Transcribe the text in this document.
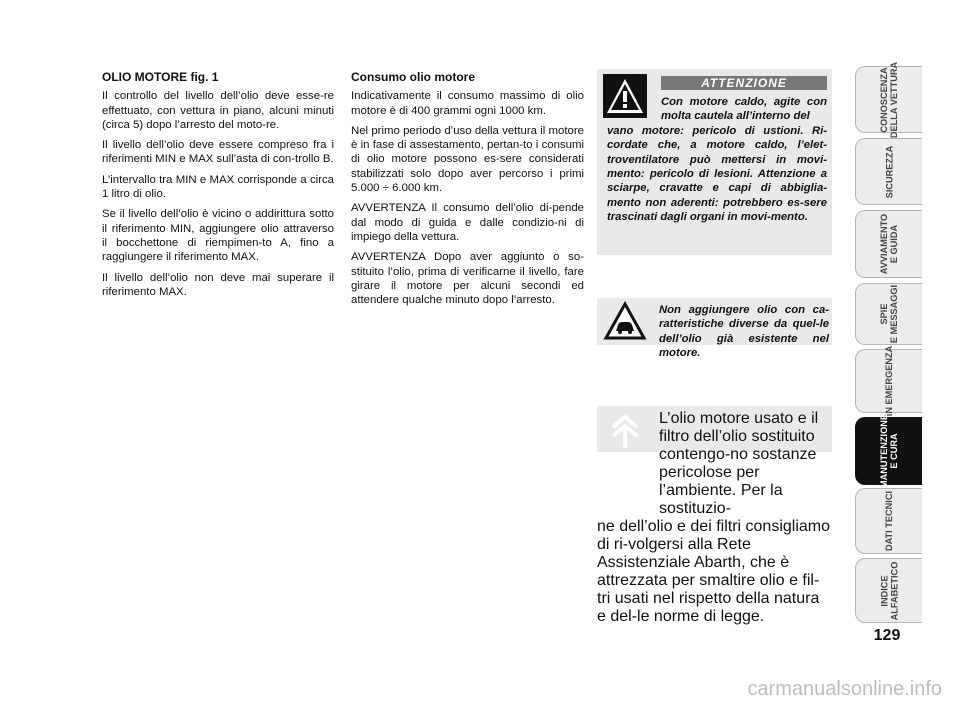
OLIO MOTORE fig. 1

Il controllo del livello dell’olio deve esse-re effettuato, con vettura in piano, alcuni minuti (circa 5) dopo l’arresto del moto-re.

Il livello dell’olio deve essere compreso fra i riferimenti MIN e MAX sull’asta di con-trollo B.

L’intervallo tra MIN e MAX corrisponde a circa 1 litro di olio.

Se il livello dell’olio è vicino o addirittura sotto il riferimento MIN, aggiungere olio attraverso il bocchettone di riempimen-to A, fino a raggiungere il riferimento MAX.

Il livello dell’olio non deve mai superare il riferimento MAX.

Consumo olio motore

Indicativamente il consumo massimo di olio motore è di 400 grammi ogni 1000 km.

Nel primo periodo d’uso della vettura il motore è in fase di assestamento, pertan-to i consumi di olio motore possono es-sere considerati stabilizzati solo dopo aver percorso i primi 5.000 ÷ 6.000 km.

AVVERTENZA Il consumo dell’olio di-pende dal modo di guida e dalle condizio-ni di impiego della vettura.

AVVERTENZA Dopo aver aggiunto o so-stituito l’olio, prima di verificarne il livello, fare girare il motore per alcuni secondi ed attendere qualche minuto dopo l’arresto.

ATTENZIONE
Con motore caldo, agite con molta cautela all’interno del
vano motore: pericolo di ustioni. Ri-cordate che, a motore caldo, l’elet-troventilatore può mettersi in movi-mento: pericolo di lesioni. Attenzione a sciarpe, cravatte e capi di abbiglia-mento non aderenti: potrebbero es-sere trascinati dagli organi in movi-mento.
Non aggiungere olio con ca-ratteristiche diverse da quel-le dell’olio già esistente nel motore.
L’olio motore usato e il filtro dell’olio sostituito contengo-no sostanze pericolose per l’ambiente. Per la sostituzio-
ne dell’olio e dei filtri consigliamo di ri-volgersi alla Rete Assistenziale Abarth, che è attrezzata per smaltire olio e fil-tri usati nel rispetto della natura e del-le norme di legge.
CONOSCENZA
DELLA VETTURA
SICUREZZA
AVVIAMENTO
E GUIDA
SPIE
E MESSAGGI
IN EMERGENZA
MANUTENZIONE
E CURA
DATI TECNICI
INDICE
ALFABETICO
129
carmanualsonline.info
